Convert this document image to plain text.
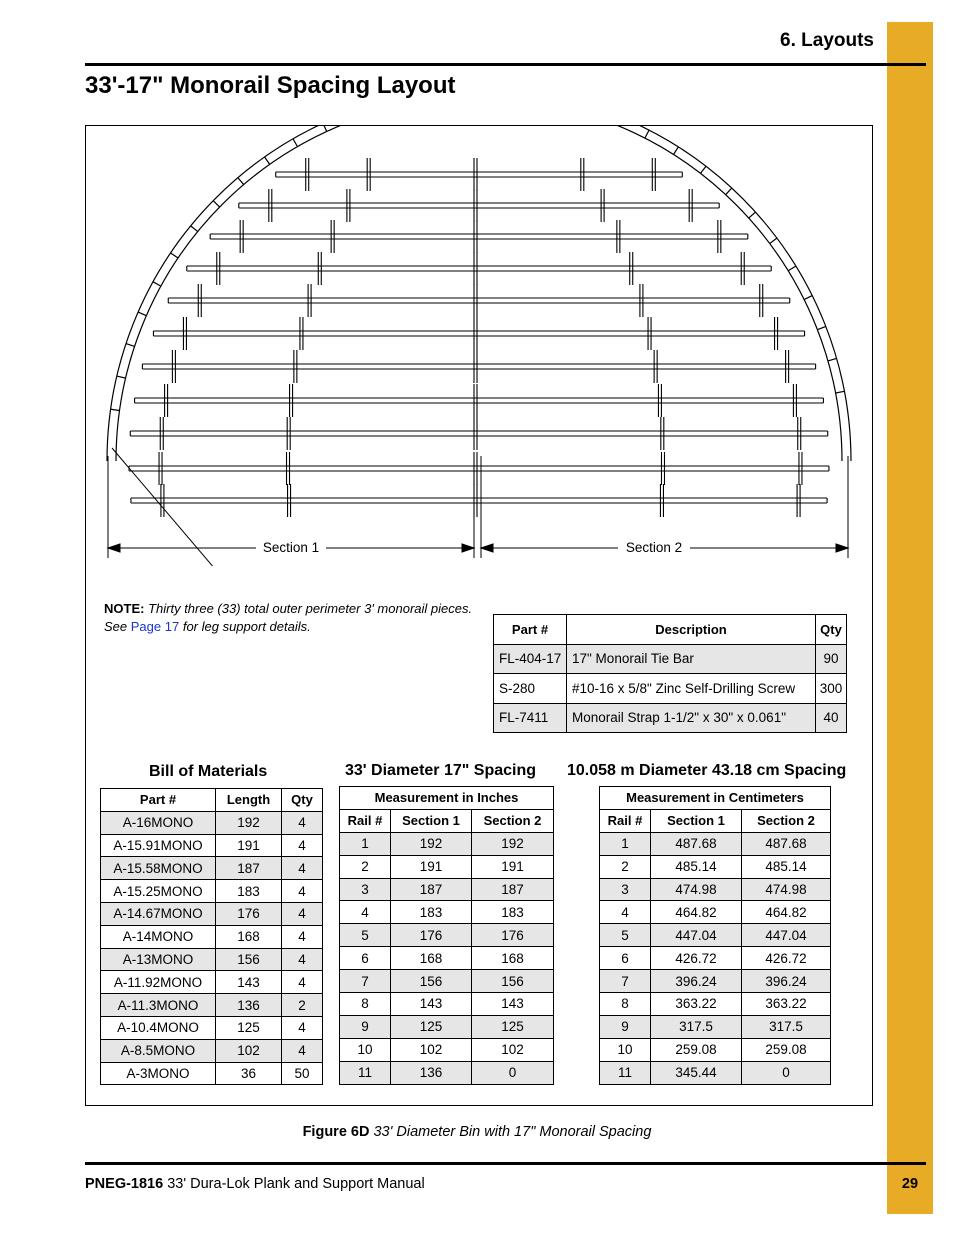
6. Layouts
33'-17" Monorail Spacing Layout
Section 1	Section 2
NOTE: Thirty three (33) total outer perimeter 3' monorail pieces. See Page 17 for leg support details.	Part #	Description	Qty
FL-404-17	17" Monorail Tie Bar	90
S-280	#10-16 x 5/8" Zinc Self-Drilling Screw	300
FL-7411	Monorail Strap 1-1/2" x 30" x 0.061"	40
Bill of Materials	33' Diameter 17" Spacing 10.058 m Diameter 43.18 cm Spacing
Part #	Length	Qty
A-16MONO	192	4
A-15.91MONO	191	4
A-15.58MONO	187	4
A-15.25MONO	183	4
A-14.67MONO	176	4
A-14MONO	168	4
A-13MONO	156	4
A-11.92MONO	143	4
A-11.3MONO	136	2
A-10.4MONO	125	4
A-8.5MONO	102	4
A-3MONO	36	50
Measurement in Inches		
Rail #	Section 1	Section 2
1	192	192
2	191	191
3	187	187
4	183	183
5	176	176
6	168	168
7	156	156
8	143	143
9	125	125
10	102	102
11	136	0
Measurement in Centimeters		
Rail #	Section 1	Section 2
1	487.68	487.68
2	485.14	485.14
3	474.98	474.98
4	464.82	464.82
5	447.04	447.04
6	426.72	426.72
7	396.24	396.24
8	363.22	363.22
9	317.5	317.5
10	259.08	259.08
11	345.44	0
Figure 6D 33' Diameter Bin with 17" Monorail Spacing
PNEG-1816 33' Dura-Lok Plank and Support Manual	29
